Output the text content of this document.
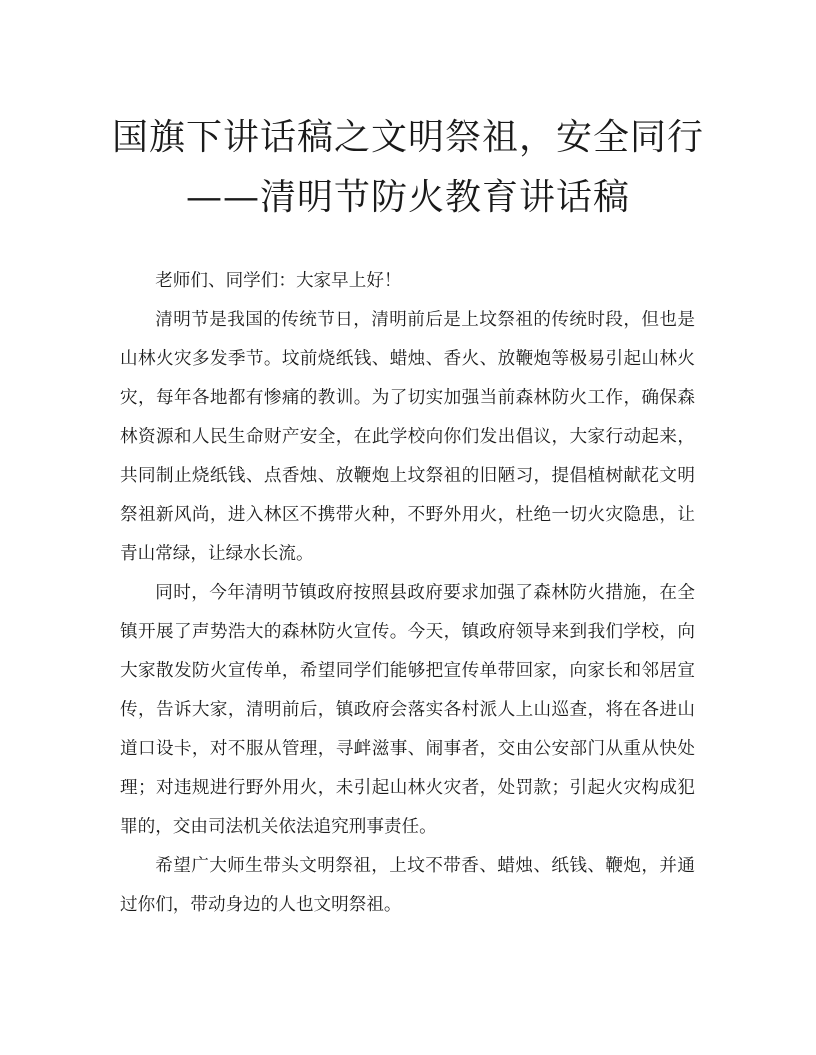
国旗下讲话稿之文明祭祖，安全同行
——清明节防火教育讲话稿

老师们、同学们：大家早上好！

清明节是我国的传统节日，清明前后是上坟祭祖的传统时段，但也是山林火灾多发季节。坟前烧纸钱、蜡烛、香火、放鞭炮等极易引起山林火灾，每年各地都有惨痛的教训。为了切实加强当前森林防火工作，确保森林资源和人民生命财产安全，在此学校向你们发出倡议，大家行动起来，共同制止烧纸钱、点香烛、放鞭炮上坟祭祖的旧陋习，提倡植树献花文明祭祖新风尚，进入林区不携带火种，不野外用火，杜绝一切火灾隐患，让青山常绿，让绿水长流。

同时，今年清明节镇政府按照县政府要求加强了森林防火措施，在全镇开展了声势浩大的森林防火宣传。今天，镇政府领导来到我们学校，向大家散发防火宣传单，希望同学们能够把宣传单带回家，向家长和邻居宣传，告诉大家，清明前后，镇政府会落实各村派人上山巡查，将在各进山道口设卡，对不服从管理，寻衅滋事、闹事者，交由公安部门从重从快处理；对违规进行野外用火，未引起山林火灾者，处罚款；引起火灾构成犯罪的，交由司法机关依法追究刑事责任。

希望广大师生带头文明祭祖，上坟不带香、蜡烛、纸钱、鞭炮，并通过你们，带动身边的人也文明祭祖。
